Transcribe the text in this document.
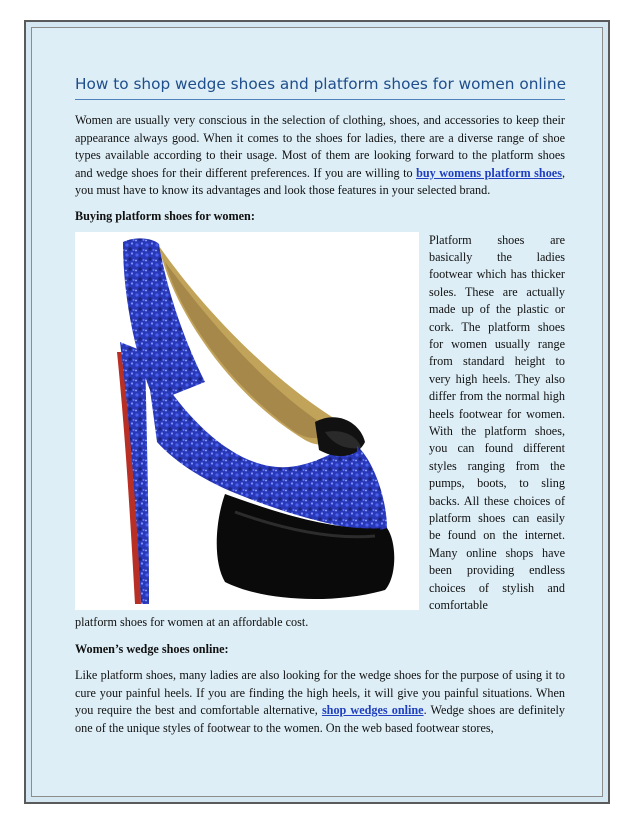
How to shop wedge shoes and platform shoes for women online

Women are usually very conscious in the selection of clothing, shoes, and accessories to keep their appearance always good. When it comes to the shoes for ladies, there are a diverse range of shoe types available according to their usage. Most of them are looking forward to the platform shoes and wedge shoes for their different preferences. If you are willing to buy womens platform shoes, you must have to know its advantages and look those features in your selected brand.

Buying platform shoes for women:

Platform shoes are basically the ladies footwear which has thicker soles. These are actually made up of the plastic or cork. The platform shoes for women usually range from standard height to very high heels. They also differ from the normal high heels footwear for women. With the platform shoes, you can found different styles ranging from the pumps, boots, to sling backs. All these choices of platform shoes can easily be found on the internet. Many online shops have been providing endless choices of stylish and comfortable

platform shoes for women at an affordable cost.

Women’s wedge shoes online:

Like platform shoes, many ladies are also looking for the wedge shoes for the purpose of using it to cure your painful heels. If you are finding the high heels, it will give you painful situations. When you require the best and comfortable alternative, shop wedges online. Wedge shoes are definitely one of the unique styles of footwear to the women. On the web based footwear stores,
